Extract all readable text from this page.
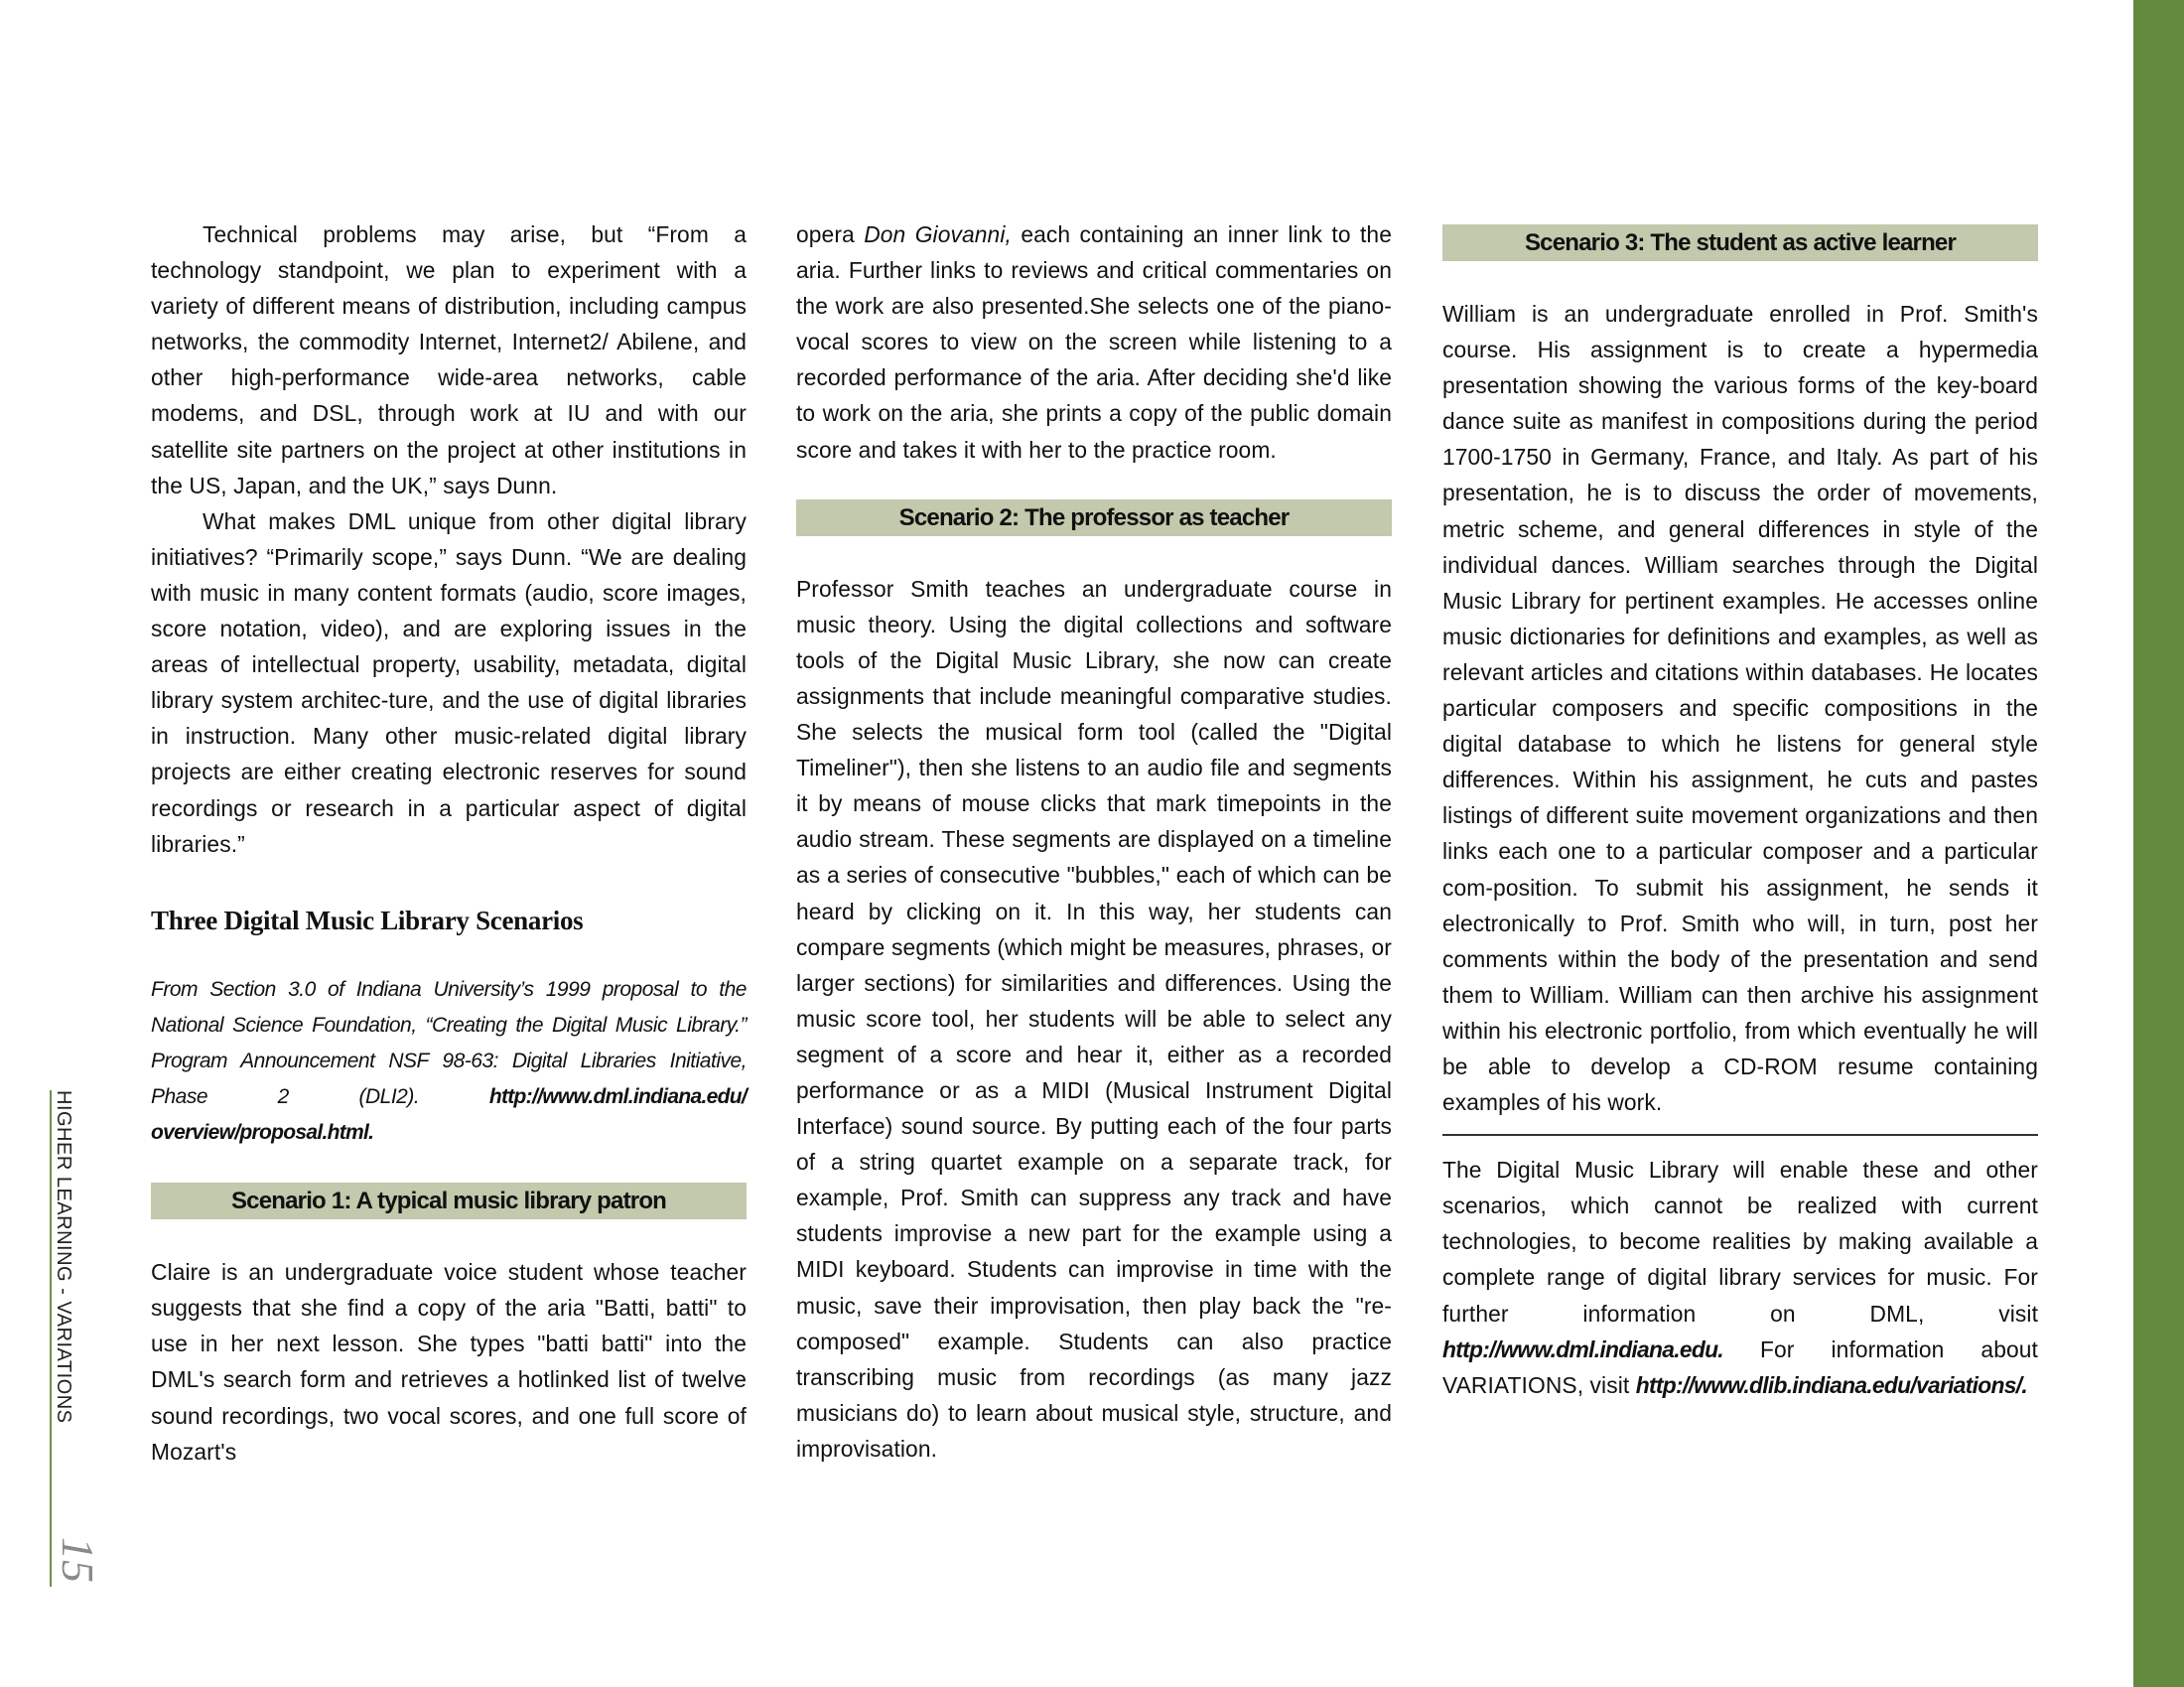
HIGHER LEARNING - VARIATIONS
15

Technical problems may arise, but “From a technology standpoint, we plan to experiment with a variety of different means of distribution, including campus networks, the commodity Internet, Internet2/ Abilene, and other high-performance wide-area networks, cable modems, and DSL, through work at IU and with our satellite site partners on the project at other institutions in the US, Japan, and the UK,” says Dunn.

What makes DML unique from other digital library initiatives? “Primarily scope,” says Dunn. “We are dealing with music in many content formats (audio, score images, score notation, video), and are exploring issues in the areas of intellectual property, usability, metadata, digital library system architec-ture, and the use of digital libraries in instruction. Many other music-related digital library projects are either creating electronic reserves for sound recordings or research in a particular aspect of digital libraries.”

Three Digital Music Library Scenarios

From Section 3.0 of Indiana University’s 1999 proposal to the National Science Foundation, “Creating the Digital Music Library.” Program Announcement NSF 98-63: Digital Libraries Initiative, Phase 2 (DLI2).	http://www.dml.indiana.edu/ overview/proposal.html.

Scenario 1: A typical music library patron

Claire is an undergraduate voice student whose teacher suggests that she find a copy of the aria "Batti, batti" to use in her next lesson. She types "batti batti" into the DML's search form and retrieves a hotlinked list of twelve sound recordings, two vocal scores, and one full score of Mozart's

opera Don Giovanni, each containing an inner link to the aria. Further links to reviews and critical commentaries on the work are also presented.She selects one of the piano-vocal scores to view on the screen while listening to a recorded performance of the aria. After deciding she'd like to work on the aria, she prints a copy of the public domain score and takes it with her to the practice room.

Scenario 2: The professor as teacher

Professor Smith teaches an undergraduate course in music theory. Using the digital collections and software tools of the Digital Music Library, she now can create assignments that include meaningful comparative studies. She selects the musical form tool (called the "Digital Timeliner"), then she listens to an audio file and segments it by means of mouse clicks that mark timepoints in the audio stream. These segments are displayed on a timeline as a series of consecutive "bubbles," each of which can be heard by clicking on it. In this way, her students can compare segments (which might be measures, phrases, or larger sections) for similarities and differences. Using the music score tool, her students will be able to select any segment of a score and hear it, either as a recorded performance or as a MIDI (Musical Instrument Digital Interface) sound source. By putting each of the four parts of a string quartet example on a separate track, for example, Prof. Smith can suppress any track and have students improvise a new part for the example using a MIDI keyboard. Students can improvise in time with the music, save their improvisation, then play back the "re-composed" example. Students can also practice transcribing music from recordings (as many jazz musicians do) to learn about musical style, structure, and improvisation.

Scenario 3: The student as active learner

William is an undergraduate enrolled in Prof. Smith's course. His assignment is to create a hypermedia presentation showing the various forms of the key-board dance suite as manifest in compositions during the period 1700-1750 in Germany, France, and Italy. As part of his presentation, he is to discuss the order of movements, metric scheme, and general differences in style of the individual dances. William searches through the Digital Music Library for pertinent examples. He accesses online music dictionaries for definitions and examples, as well as relevant articles and citations within databases. He locates particular composers and specific compositions in the digital database to which he listens for general style differences. Within his assignment, he cuts and pastes listings of different suite movement organizations and then links each one to a particular composer and a particular com-position. To submit his assignment, he sends it electronically to Prof. Smith who will, in turn, post her comments within the body of the presentation and send them to William. William can then archive his assignment within his electronic portfolio, from which eventually he will be able to develop a CD-ROM resume containing examples of his work.

The Digital Music Library will enable these and other scenarios, which cannot be realized with current technologies, to become realities by making available a complete range of digital library services for music. For further information on DML, visit http://www.dml.indiana.edu. For information about VARIATIONS, visit http://www.dlib.indiana.edu/variations/.
